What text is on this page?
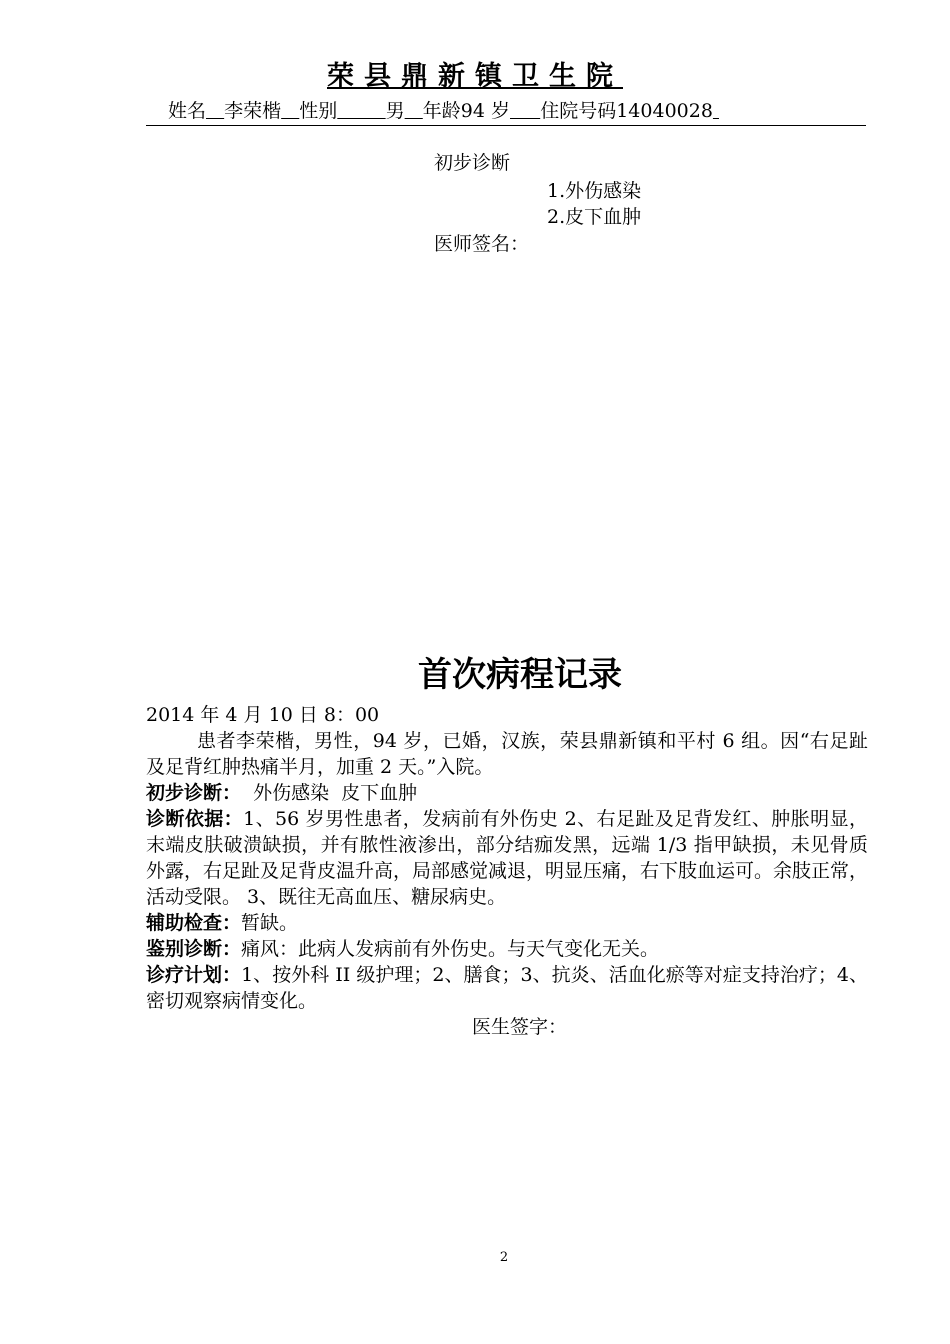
荣县鼎新镇卫生院
姓名 李荣楷 性别	男 年龄94 岁 住院号码14040028
初步诊断
1.外伤感染
2.皮下血肿
医师签名：
首次病程记录

2014 年 4 月 10 日 8：00

患者李荣楷，男性，94 岁，已婚，汉族，荣县鼎新镇和平村 6 组。因“右足趾及足背红肿热痛半月，加重 2 天。”入院。

初步诊断：  外伤感染  皮下血肿

诊断依据：1、56 岁男性患者，发病前有外伤史 2、右足趾及足背发红、肿胀明显，末端皮肤破溃缺损，并有脓性液渗出，部分结痂发黑，远端 1/3 指甲缺损，未见骨质外露，右足趾及足背皮温升高，局部感觉减退，明显压痛，右下肢血运可。余肢正常，活动受限。 3、既往无高血压、糖尿病史。

辅助检查：暂缺。

鉴别诊断：痛风：此病人发病前有外伤史。与天气变化无关。

诊疗计划：1、按外科 II 级护理；2、膳食；3、抗炎、活血化瘀等对症支持治疗；4、密切观察病情变化。

医生签字：

2
